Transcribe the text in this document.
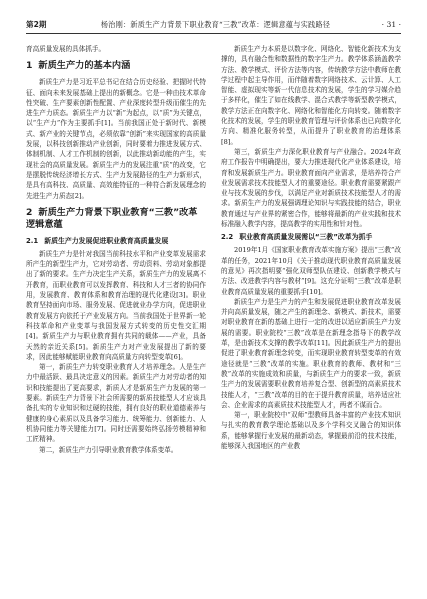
第2期	杨治刚：新质生产力背景下职业教育“三教”改革：逻辑意蕴与实践路径	· 31 ·

育高质量发展的具体抓手。

1 新质生产力的基本内涵

新质生产力是习近平总书记在结合历史经验、把握时代特征、面向未来发展基础上提出的新概念。它是一种由技术革命性突破、生产要素创新性配置、产业深度转型升级而催生的先进生产力质态。新质生产力以“新”为起点，以“质”为关键点，以“生产力”作为主要抓手[1]。当前我国正处于新时代、新模式、新产业的关键节点，必须依靠“创新”来实现国家的高质量发展，以科技创新推动产业创新，同时要着力推进发展方式、体制机制、人才工作机制的创新，以此推动新动能的产生，实现社会的高质量发展。新质生产力的发展注重“质”的改变，它是摆脱传统经济增长方式、生产力发展路径的生产力新形式，是具有高科技、高质量、高效能特征的一种符合新发展理念的先进生产力质态[2]。

2 新质生产力背景下职业教育“三教”改革逻辑意蕴
2.1 新质生产力发展促进职业教育高质量发展

新质生产力是针对我国当前科技水平和产业变革发展需求所产生的新型生产力，它对劳动者、劳动资料、劳动对象都提出了新的要求。生产力决定生产关系，新质生产力的发展离不开教育，而职业教育可以发挥教育、科技和人才三者的协同作用，发展教育、教育体系和教育治理的现代化建设[3]。职业教育坚持面向市场、服务发展、促进就业办学方向，促进职业教育发展方向依托于产业发展方向。当前我国处于世界新一轮科技革命和产业变革与我国发展方式转变的历史性交汇期[4]。新质生产力与职业教育拥有共同的载体——产业，具备天然的亲近关系[5]。新质生产力对产业发展提出了新的要求，因此能够赋能职业教育向高质量方向转型变革[6]。

第一，新质生产力转变职业教育人才培养理念。人是生产力中最活跃、最具决定意义的因素。新质生产力对劳动者的知识和技能提出了更高要求，新质人才是新质生产力发展的第一要素。新质生产力背景下社会所需要的新质技能型人才应该具备扎实的专业知识和过硬的技能，拥有良好的职业道德素养与健康的身心素质以及具备学习能力、统筹能力、创新能力、人机协同能力等关键能力[7]。同时还需要始终弘扬劳模精神和工匠精神。

第二，新质生产力引导职业教育教学体系变革。

新质生产力本质是以数字化、网络化、智能化新技术为支撑的，具有融合性和数据性的数字生产力。教学体系涵盖教学方法、教学模式、评价方法等内容，传统教学方法中教师在教学过程中起主导作用，而伴随着数字网络技术、云计算、人工智能、虚拟现实等新一代信息技术的发展，学生的学习媒介趋于多样化，催生了如在线教学、混合式教学等新型教学模式，教学方法正在向数字化、网络化和智能化方向转变。随着数字化技术的发展，学生的职业教育管理与评价体系也已向数字化方向、精准化服务转型，从而提升了职业教育的治理体系[8]。

第三，新质生产力深化职业教育与产业融合。2024年政府工作报告中明确提出，要大力推进现代化产业体系建设，培育和发展新质生产力。职业教育面向产业需求，是培养符合产业发展需求技术技能型人才的重要途径。职业教育需要紧跟产业与技术发展的步伐，以满足产业对新质技术技能型人才的需求。新质生产力的发展强调理论知识与实践技能的结合，职业教育通过与产业界的紧密合作，能够将最新的产业实践和技术标准融入教学内容，提高教学的实用性和针对性。

2.2 职业教育高质量发展需以“三教”改革为抓手

2019年1月《国家职业教育改革实施方案》提出“三教”改革的任务，2021年10月《关于推动现代职业教育高质量发展的意见》再次指明要“强化双师型队伍建设、创新教学模式与方法、改进教学内容与教材”[9]。这充分证明“三教”改革是职业教育高质量发展的重要抓手[10]。

新质生产力是生产力的产生和发展促进职业教育改革发展并向高质量发展，随之产生的新理念、新模式、新技术，需要对职业教育在新的基础上进行一定的改进以适应新质生产力发展的需要。职业院校“三教”改革是在新理念指导下的教学改革，是由新技术支撑的教学改革[11]。因此新质生产力的提出促进了职业教育新理念转变，而实现职业教育转型变革的有效途径就是“三教”改革的实施。职业教育的教师、教材和“三教”改革的实施成效和质量，与新质生产力的要求一致，新质生产力的发展需要职业教育培养复合型、创新型的高素质技术技能人才，“三教”改革的目的在于提升教育质量，培养适应社会、企业需求的高素质技术技能型人才，两者不谋而合。

第一，职业院校中“双师”型教师具备丰富的产业技术知识与扎实的教育教学理论基础以及多个学科交叉融合的知识体系，能够掌握行业发展的最新动态，掌握最前沿的技术技能，能够深入我国地区的产业教
